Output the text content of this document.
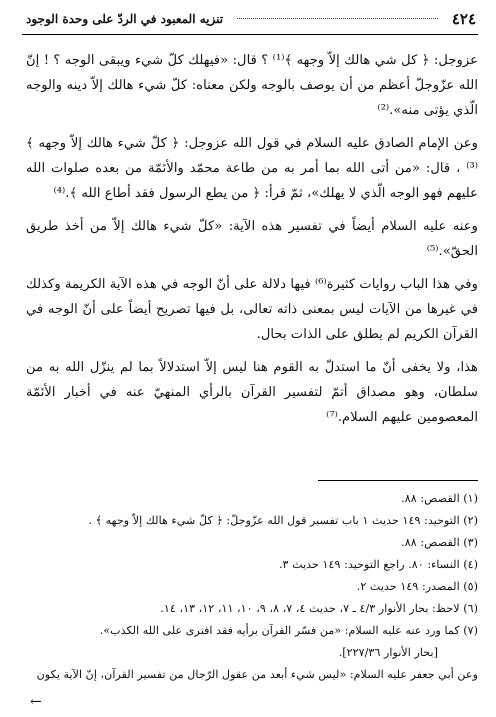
٤٢٤
تنزيه المعبود في الردّ على وحدة الوجود

عزوجل: ﴿ كل شي هالك إلاّ وجهه ﴾⁽¹⁾ ؟ قال: «فيهلك كلّ شيء ويبقى الوجه ؟ ! إنّ الله عزّوجلّ أعظم من أن يوصف بالوجه ولكن معناه: كلّ شيء هالك إلاّ دينه والوجه الّذي يؤتى منه».⁽²⁾

وعن الإمام الصادق عليه السلام في قول الله عزوجل: ﴿ كلّ شيء هالك إلاّ وجهه ﴾⁽³⁾ ، قال: «من أتى الله بما أمر به من طاعة محمّد والأئمّة من بعده صلوات الله عليهم فهو الوجه الّذي لا يهلك»، ثمّ قرأ: ﴿ من يطع الرسول فقد أطاع الله ﴾.⁽⁴⁾

وعنه عليه السلام أيضاً في تفسير هذه الآية: «كلّ شيء هالك إلاّ من أخذ طريق الحقّ».⁽⁵⁾

وفي هذا الباب روايات كثيرة⁽⁶⁾ فيها دلالة على أنّ الوجه في هذه الآية الكريمة وكذلك في غيرها من الآيات ليس بمعنى ذاته تعالى، بل فيها تصريح أيضاً على أنّ الوجه في القرآن الكريم لم يطلق على الذات بحال.

هذا، ولا يخفى أنّ ما استدلّ به القوم هنا ليس إلاّ استدلالاً بما لم ينزّل الله به من سلطان، وهو مصداق أتمّ لتفسير القرآن بالرأي المنهيّ عنه في أخبار الأئمّة المعصومين عليهم السلام.⁽⁷⁾

(١) القصص: ٨٨.
(٢) التوحيد: ١٤٩ حديث ١ باب تفسير قول الله عزّوجلّ: ﴿ كلّ شيء هالك إلاّ وجهه ﴾ .
(٣) القصص: ٨٨.
(٤) النساء: ٨٠. راجع التوحيد: ١٤٩ حديث ٣.
(٥) المصدر: ١٤٩ حديث ٢.
(٦) لاحظ: بحار الأنوار ٤/٣ ـ ٧، حديث ٤، ٧، ٨، ٩، ١٠، ١١، ١٢، ١٣، ١٤.
(٧) كما ورد عنه عليه السلام: «من فسّر القرآن برأيه فقد افترى على الله الكذب».
[بحار الأنوار ٢٢٧/٣٦].
وعن أبي جعفر عليه السلام: «ليس شيء أبعد من عقول الرّجال من تفسير القرآن، إنّ الآية يكون
←
